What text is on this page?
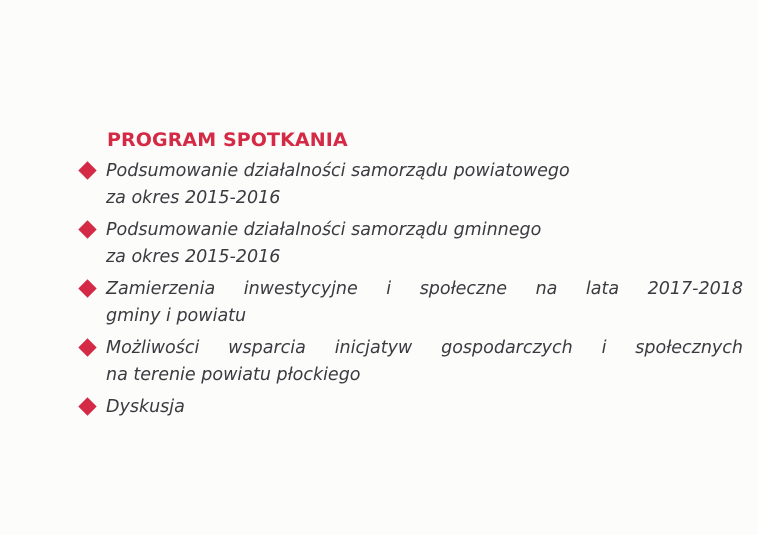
PROGRAM SPOTKANIA
Podsumowanie działalności samorządu powiatowego
za okres 2015-2016
Podsumowanie działalności samorządu gminnego
za okres 2015-2016
Zamierzenia inwestycyjne i społeczne na lata 2017-2018
gminy i powiatu
Możliwości wsparcia inicjatyw gospodarczych i społecznych
na terenie powiatu płockiego
Dyskusja
